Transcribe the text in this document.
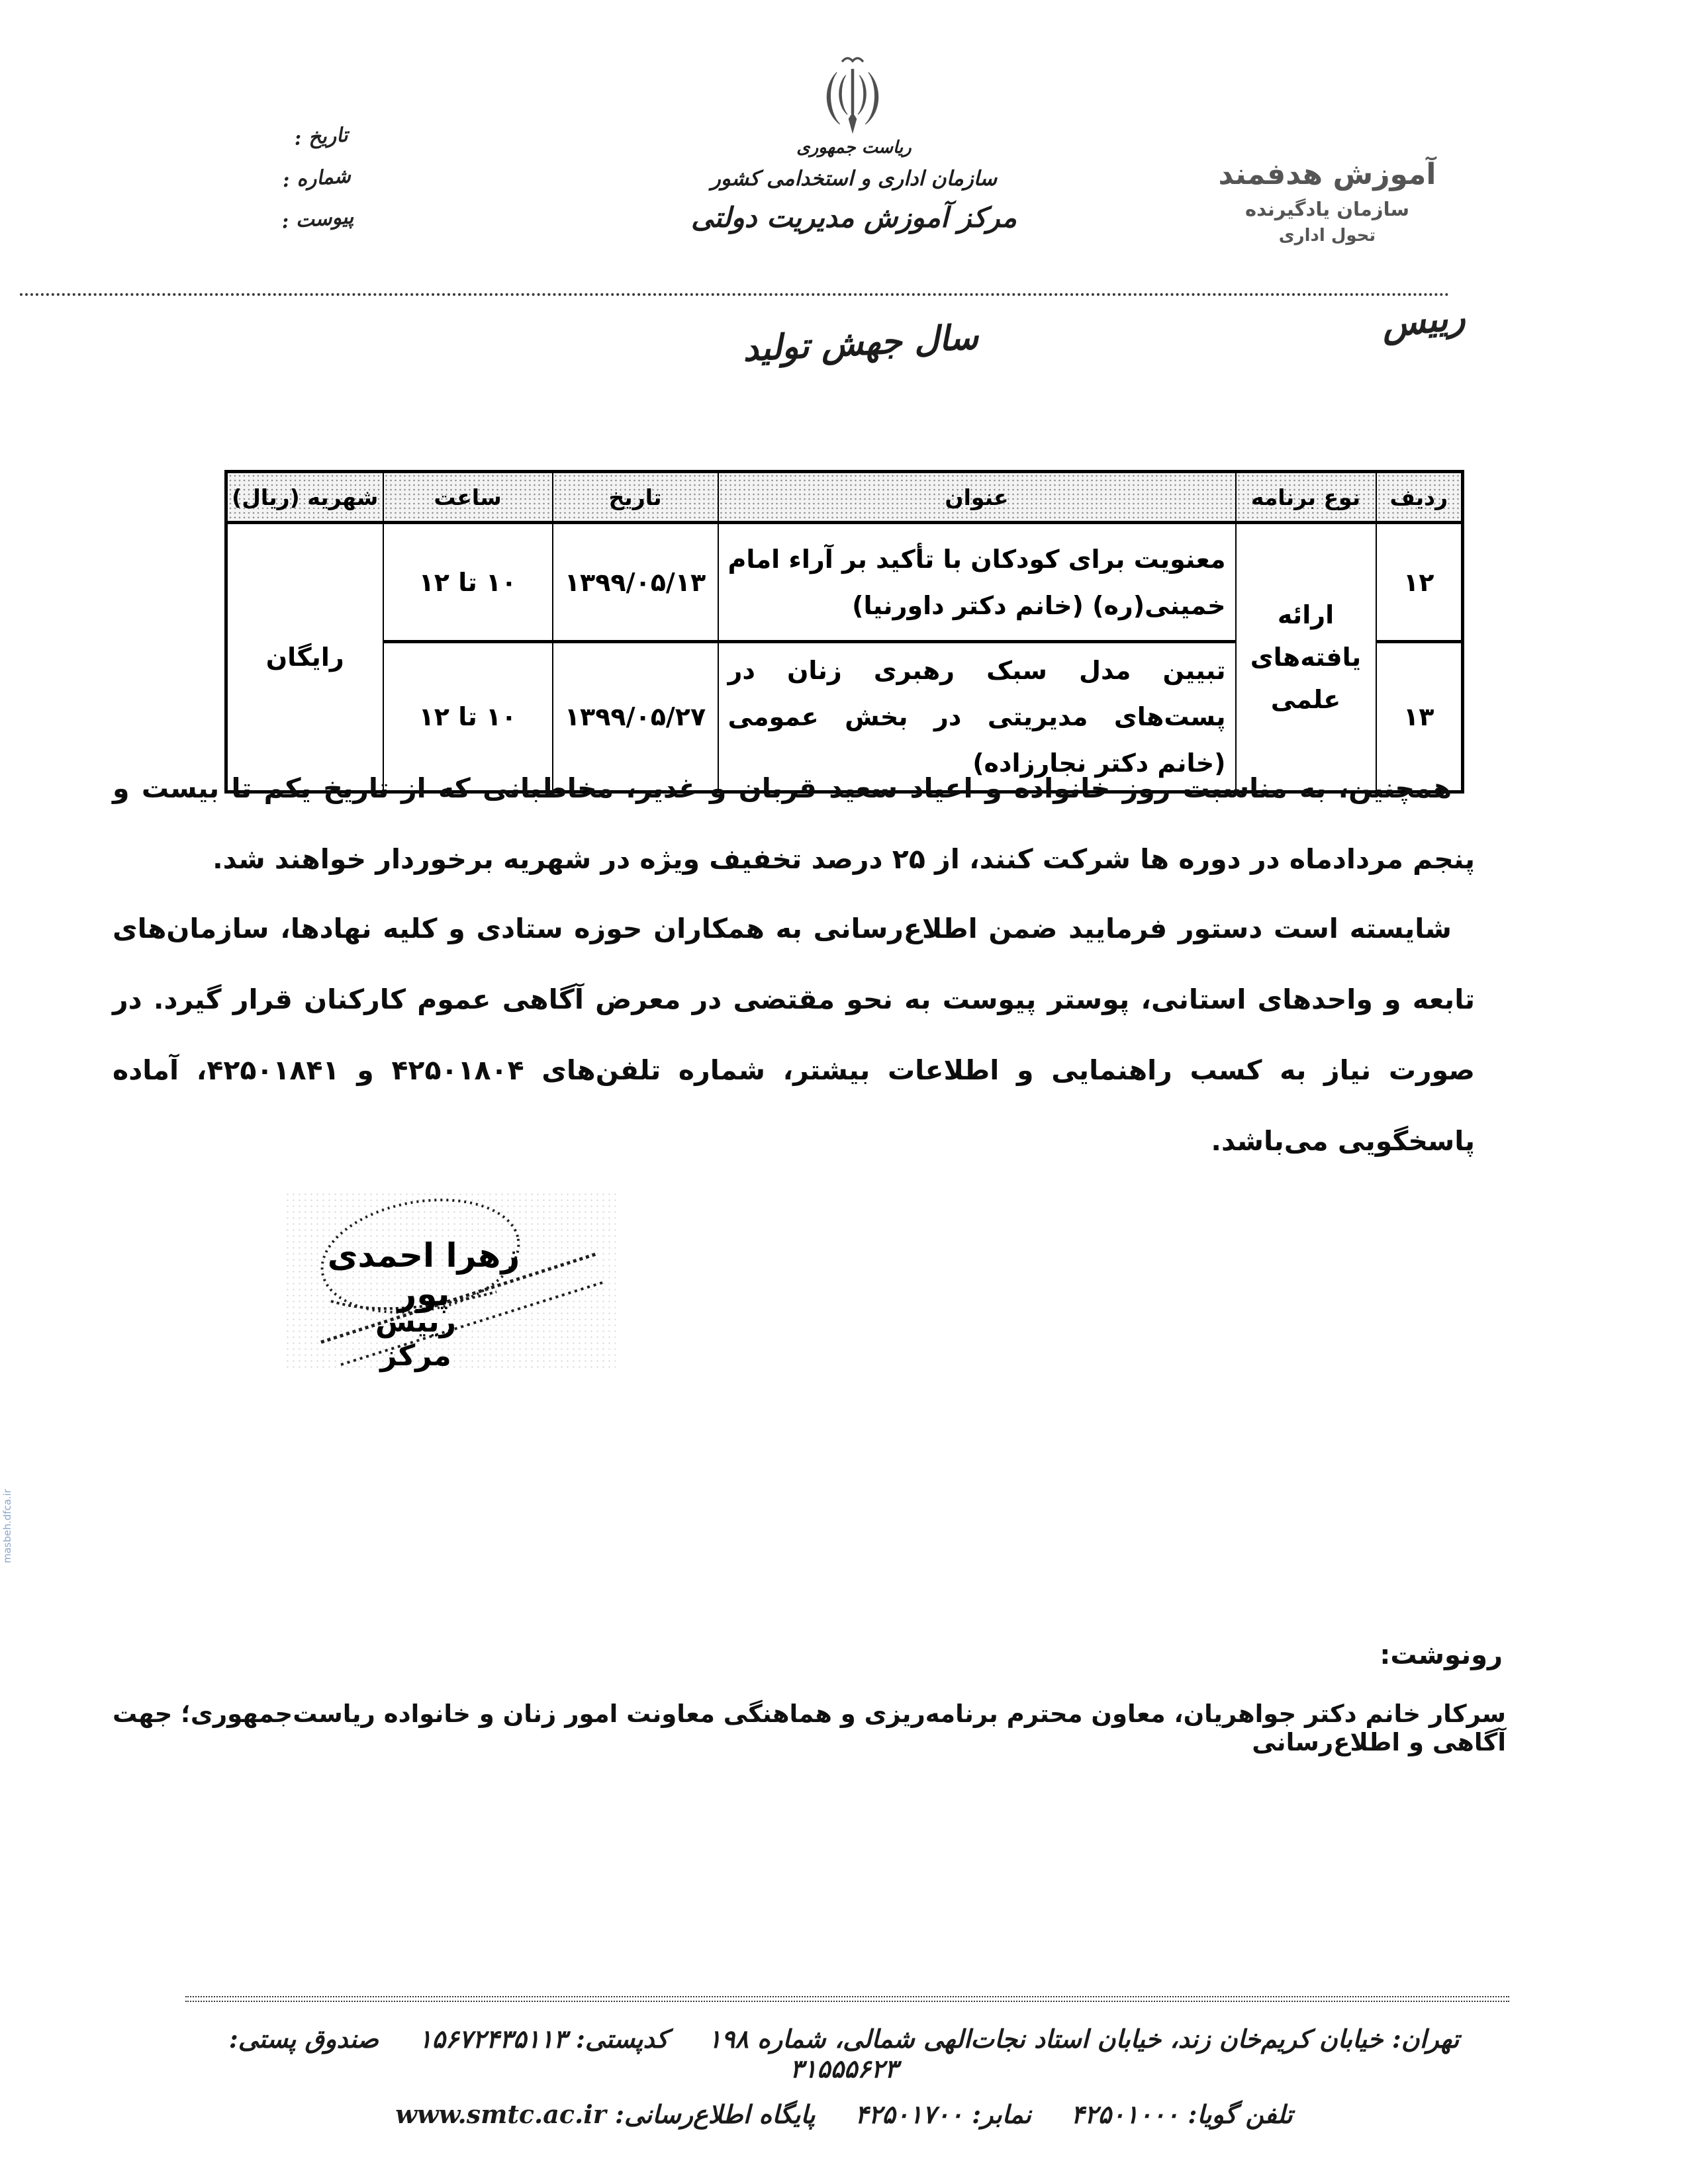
تاریخ :
شماره :
پیوست :
ریاست جمهوری
سازمان اداری و استخدامی کشور
مرکز آموزش مدیریت دولتی
آموزش هدفمند
سازمان یادگیرنده
تحول اداری
سال جهش تولید	رییس
ردیف	نوع برنامه	عنوان	تاریخ	ساعت	شهریه (ریال)
۱۲	ارائه یافته‌های علمی	معنویت برای کودکان با تأکید بر آراء امام خمینی(ره) (خانم دکتر داورنیا)	۱۳۹۹/۰۵/۱۳	۱۰ تا ۱۲	رایگان
۱۳		تبیین مدل سبک رهبری زنان در پست‌های مدیریتی در بخش عمومی (خانم دکتر نجارزاده)	۱۳۹۹/۰۵/۲۷	۱۰ تا ۱۲	
همچنین، به مناسبت روز خانواده و اعیاد سعید قربان و غدیر، مخاطبانی که از تاریخ یکم تا بیست و پنجم مردادماه در دوره ها شرکت کنند، از ۲۵ درصد تخفیف ویژه در شهریه برخوردار خواهند شد.
شایسته است دستور فرمایید ضمن اطلاع‌رسانی به همکاران حوزه ستادی و کلیه نهادها، سازمان‌های تابعه و واحدهای استانی، پوستر پیوست به نحو مقتضی در معرض آگاهی عموم کارکنان قرار گیرد. در صورت نیاز به کسب راهنمایی و اطلاعات بیشتر، شماره تلفن‌های ۴۲۵۰۱۸۰۴ و ۴۲۵۰۱۸۴۱، آماده پاسخگویی می‌باشد.
زهرا احمدی پور
رییس مرکز
رونوشت:
سرکار خانم دکتر جواهریان، معاون محترم برنامه‌ریزی و هماهنگی معاونت امور زنان و خانواده ریاست‌جمهوری؛ جهت آگاهی و اطلاع‌رسانی
تهران: خیابان کریم‌خان زند، خیابان استاد نجات‌الهی شمالی، شماره ۱۹۸کدپستی: ۱۵۶۷۲۴۳۵۱۱۳صندوق پستی: ۳۱۵۵۵۶۲۳
تلفن گویا: ۴۲۵۰۱۰۰۰نمابر: ۴۲۵۰۱۷۰۰پایگاه اطلاع‌رسانی: www.smtc.ac.ir
masbeh.dfca.ir
